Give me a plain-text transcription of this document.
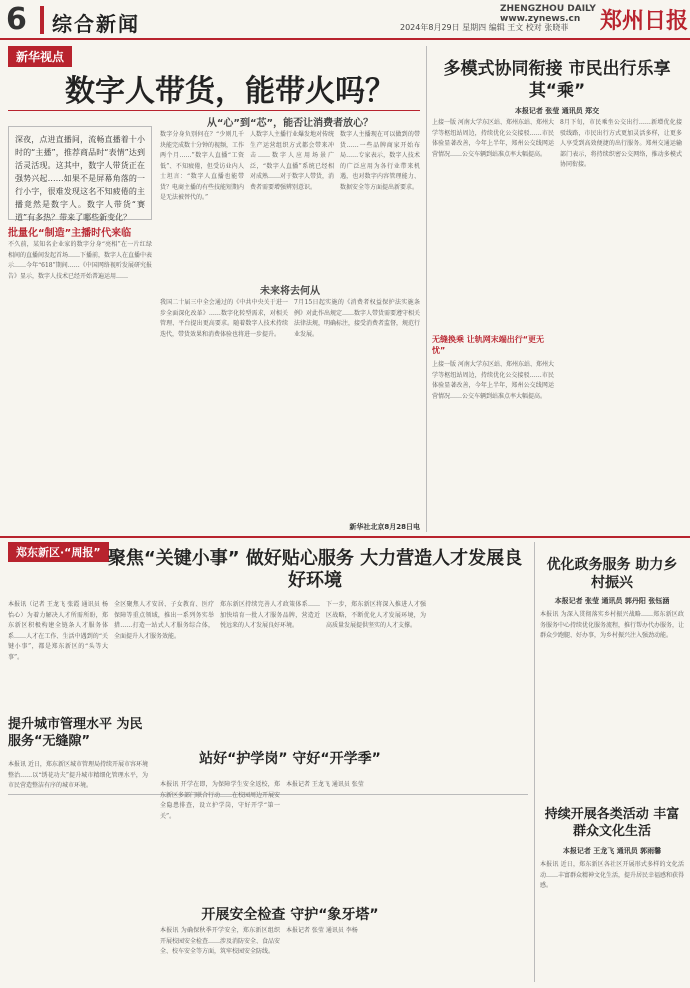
6 综合新闻	2024年8月29日 星期四 编辑 王文 校对 张晓菲
ZHENGZHOU DAILY
www.zynews.cn 郑州日报
新华视点
数字人带货，能带火吗？
深夜，点进直播间，流畅直播着十小时的“主播”，推荐商品时“表情”达到活灵活现。这其中，数字人带货正在强势兴起……如果不是屏幕角落的一行小字，很难发现这名不知疲倦的主播竟然是数字人。数字人带货“赛道”有多热？带来了哪些新变化？
从“心”到“芯”，能否让消费者放心？
批量化“制造”主播时代来临
不久前，某知名企业家的数字分身“亮相”在一片红绿相间的直播间发起首场……下播前，数字人在直播中表示……今年“618”期间……《中国网络视听发展研究报告》显示，数字人技术已经开始普遍运用……
数字分身负别何在？“少则几千块能完成数十分钟的视频，工作两个月……”数字人直播“工资低”、不知疲倦，但受访业内人士坦言：“数字人直播也能带货？电商主播的有些技能短期内是无法被替代的。”
人数字人主播行业爆发地对传统生产运营组织方式都会带来冲击……数字人应用场景广泛，“数字人直播”系统已经相对成熟……对于数字人带货，消费者需要增强辨别意识。
数字人主播现在可以做到的带货……一些品牌商家开始布局……专家表示，数字人技术的广泛应用为各行业带来机遇，也对数字内容管理能力、数据安全等方面提出新要求。
未来将去何从
我国二十届三中全会通过的《中共中央关于进一步全面深化改革》……数字化转型需求，对相关管理、平台提出更高要求。随着数字人技术持续迭代，带货效果和消费体验也将进一步提升。
7月15日起实施的《消费者权益保护法实施条例》对此作出规定……数字人带货需要遵守相关法律法规，明确标注，接受消费者监督，规范行业发展。
新华社北京8月28日电
多模式协同衔接 市民出行乐享其“乘”
本报记者 张莹 通讯员 郑交
上接一版 河南大学东区站、郑州东站、郑州大学等枢纽站周边，持续优化公交接驳……市民体验显著改善，今年上半年，郑州公交线网运营情况……公交车辆到站准点率大幅提高。
无缝换乘 让轨网末端出行“更无忧”
上接一版 河南大学东区站、郑州东站、郑州大学等枢纽站周边，持续优化公交接驳……市民体验显著改善，今年上半年，郑州公交线网运营情况……公交车辆到站准点率大幅提高。
8月下旬，市民乘坐公交出行……新增优化接驳线路，市民出行方式更加灵活多样，让更多人享受到高效便捷的出行服务。郑州交通运输部门表示，将持续织密公交网络，推动多模式协同衔接。
郑东新区·“周报” 聚焦“关键小事” 做好贴心服务 大力营造人才发展良好环境
本报讯（记者 王龙飞 张霞 通讯员 杨怡心）为着力解决人才所需所盼，郑东新区积极构建全链条人才服务体系……人才在工作、生活中遇到的“关键小事”，都是郑东新区的“头等大事”。
全区聚焦人才安居、子女教育、医疗保障等重点领域，推出一系列务实举措……打造一站式人才服务综合体，全面提升人才服务效能。
郑东新区持续完善人才政策体系……加快培育一批人才服务品牌，营造近悦远来的人才发展良好环境。
下一步，郑东新区将深入推进人才强区战略，不断优化人才发展环境，为高质量发展提供坚实的人才支撑。
优化政务服务 助力乡村振兴
本报记者 张莹 通讯员 郭丹阳 张钰涵
本报讯 为深入贯彻落实乡村振兴战略……郑东新区政务服务中心持续优化服务流程，推行帮办代办服务，让群众少跑腿、好办事，为乡村振兴注入强劲动能。
提升城市管理水平 为民服务“无缝隙”
本报讯 近日，郑东新区城市管理局持续开展市容环境整治……以“绣花功夫”提升城市精细化管理水平，为市民营造整洁有序的城市环境。
站好“护学岗” 守好“开学季”
本报讯 开学在即，为保障学生安全返校，郑东新区多部门联合行动……在校园周边开展安全隐患排查，设立护学岗，守好开学“第一关”。
本报记者 王龙飞 通讯员 张莹
开展安全检查 守护“象牙塔”
本报讯 为确保秋季开学安全，郑东新区组织开展校园安全检查……涉及消防安全、食品安全、校车安全等方面，筑牢校园安全防线。
本报记者 张莹 通讯员 李杨
持续开展各类活动 丰富群众文化生活
本报记者 王龙飞 通讯员 郭雨馨
本报讯 近日，郑东新区各社区开展形式多样的文化活动……丰富群众精神文化生活，提升居民幸福感和获得感。
